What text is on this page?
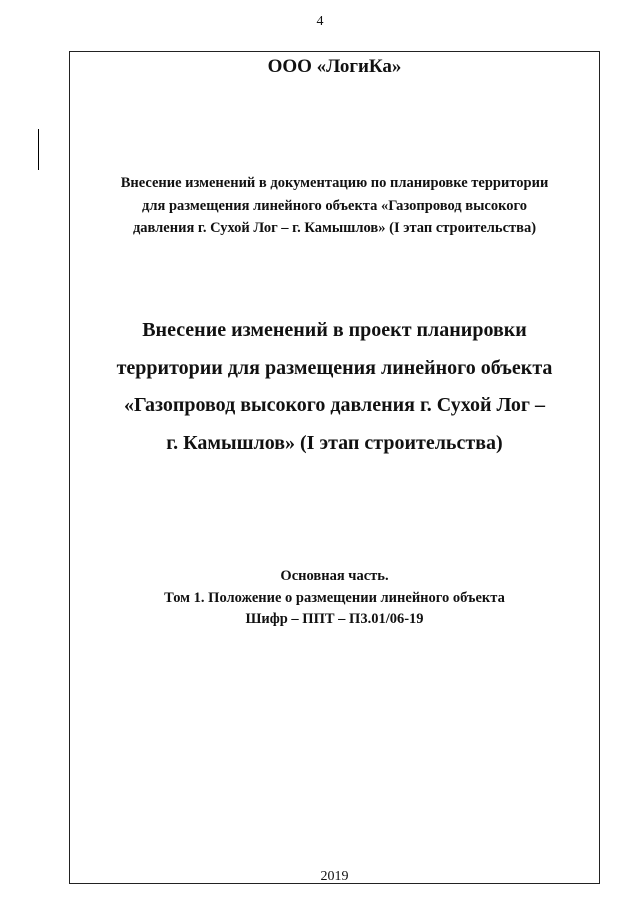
4
ООО «ЛогиКа»
Внесение изменений в документацию по планировке территории
для размещения линейного объекта «Газопровод высокого
давления г. Сухой Лог – г. Камышлов» (I этап строительства)
Внесение изменений в проект планировки
территории для размещения линейного объекта
«Газопровод высокого давления г. Сухой Лог –
г. Камышлов» (I этап строительства)
Основная часть.
Том 1. Положение о размещении линейного объекта
Шифр – ППТ – П3.01/06-19
2019
